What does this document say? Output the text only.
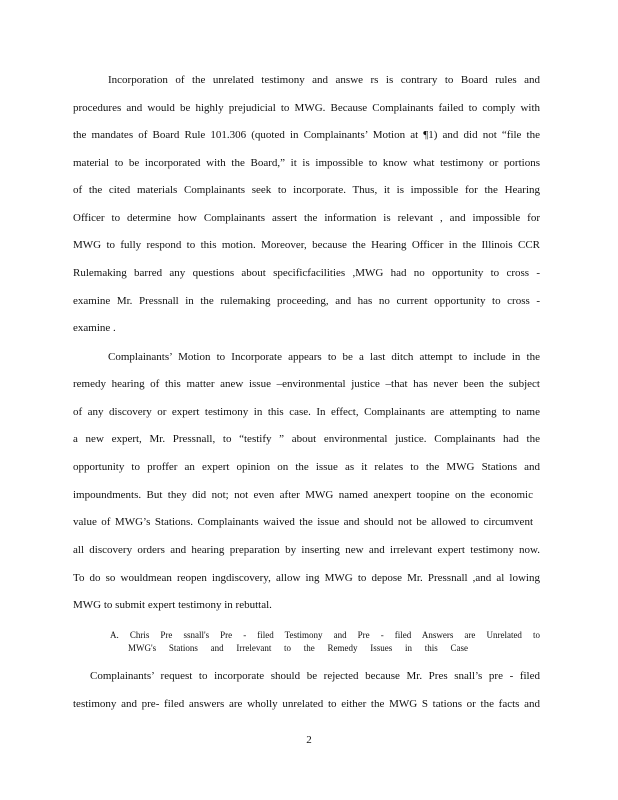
Incorporation of the unrelated testimony and answe rs is contrary to Board rules and
procedures and would be highly prejudicial to MWG. Because Complainants failed to comply with
the mandates of Board Rule 101.306 (quoted in Complainants’ Motion at ¶1) and did not “file the
material to be incorporated with the Board,” it is impossible to know what testimony or portions
of the cited materials Complainants seek to incorporate. Thus, it is impossible for the Hearing
Officer to determine how Complainants assert the information is relevant , and impossible for
MWG to fully respond to this motion. Moreover, because the Hearing Officer in the Illinois CCR
Rulemaking barred any questions about specificfacilities ,MWG had no opportunity to cross -
examine Mr. Pressnall in the rulemaking proceeding, and has no current opportunity to cross -
examine .
Complainants’ Motion to Incorporate appears to be a last ditch attempt to include in the
remedy hearing of this matter anew issue –environmental justice –that has never been the subject
of any discovery or expert testimony in this case. In effect, Complainants are attempting to name
a new expert, Mr. Pressnall, to “testify ” about environmental justice. Complainants had the
opportunity to proffer an expert opinion on the issue as it relates to the MWG Stations and
impoundments. But they did not; not even after MWG named anexpert toopine on the economic
value of MWG’s Stations. Complainants waived the issue and should not be allowed to circumvent
all discovery orders and hearing preparation by inserting new and irrelevant expert testimony now.
To do so wouldmean reopen ingdiscovery, allow ing MWG to depose Mr. Pressnall ,and al lowing
MWG to submit expert testimony in rebuttal.
A. Chris Pre ssnall's Pre - filed Testimony and Pre - filed Answers are Unrelated to
MWG's Stations and Irrelevant to the Remedy Issues in this Case
Complainants’ request to incorporate should be rejected because Mr. Pres snall’s pre - filed
testimony and pre- filed answers are wholly unrelated to either the MWG S tations or the facts and
2
